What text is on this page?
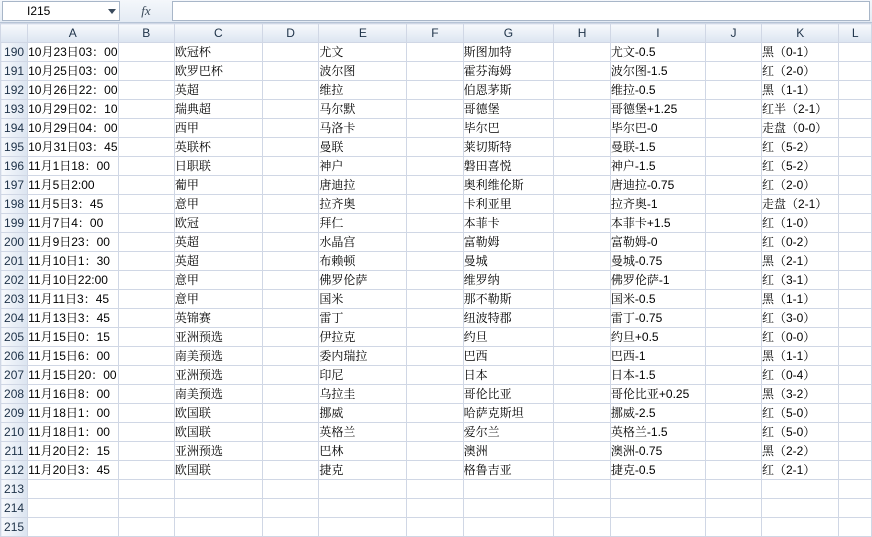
I215	fx
	A	B	C	D	E	F	G	H	I	J	K	L
190	10月23日03：00		欧冠杯		尤文		斯图加特		尤文-0.5		黑（0-1）	
191	10月25日03：00		欧罗巴杯		波尔图		霍芬海姆		波尔图-1.5		红（2-0）	
192	10月26日22：00		英超		维拉		伯恩茅斯		维拉-0.5		黑（1-1）	
193	10月29日02：10		瑞典超		马尔默		哥德堡		哥德堡+1.25		红半（2-1）	
194	10月29日04：00		西甲		马洛卡		毕尔巴		毕尔巴-0		走盘（0-0）	
195	10月31日03：45		英联杯		曼联		莱切斯特		曼联-1.5		红（5-2）	
196	11月1日18：00		日职联		神户		磐田喜悦		神户-1.5		红（5-2）	
197	11月5日2:00		葡甲		唐迪拉		奥利维伦斯		唐迪拉-0.75		红（2-0）	
198	11月5日3：45		意甲		拉齐奥		卡利亚里		拉齐奥-1		走盘（2-1）	
199	11月7日4：00		欧冠		拜仁		本菲卡		本菲卡+1.5		红（1-0）	
200	11月9日23：00		英超		水晶宫		富勒姆		富勒姆-0		红（0-2）	
201	11月10日1：30		英超		布赖顿		曼城		曼城-0.75		黑（2-1）	
202	11月10日22:00		意甲		佛罗伦萨		维罗纳		佛罗伦萨-1		红（3-1）	
203	11月11日3：45		意甲		国米		那不勒斯		国米-0.5		黑（1-1）	
204	11月13日3：45		英锦赛		雷丁		纽波特郡		雷丁-0.75		红（3-0）	
205	11月15日0：15		亚洲预选		伊拉克		约旦		约旦+0.5		红（0-0）	
206	11月15日6：00		南美预选		委内瑞拉		巴西		巴西-1		黑（1-1）	
207	11月15日20：00		亚洲预选		印尼		日本		日本-1.5		红（0-4）	
208	11月16日8：00		南美预选		乌拉圭		哥伦比亚		哥伦比亚+0.25		黑（3-2）	
209	11月18日1：00		欧国联		挪威		哈萨克斯坦		挪威-2.5		红（5-0）	
210	11月18日1：00		欧国联		英格兰		爱尔兰		英格兰-1.5		红（5-0）	
211	11月20日2：15		亚洲预选		巴林		澳洲		澳洲-0.75		黑（2-2）	
212	11月20日3：45		欧国联		捷克		格鲁吉亚		捷克-0.5		红（2-1）	
213												
214												
215												
